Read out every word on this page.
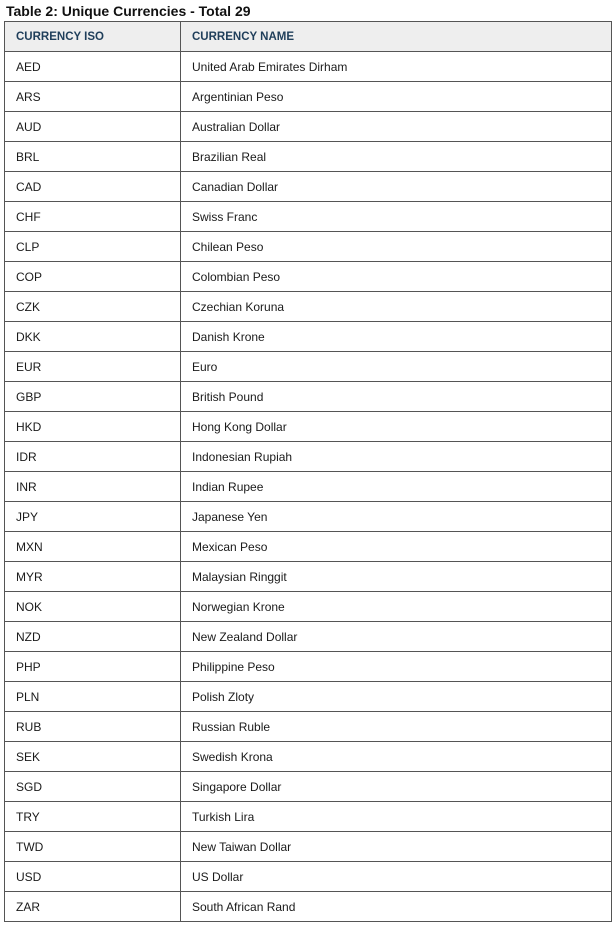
Table 2: Unique Currencies - Total 29
CURRENCY ISO	CURRENCY NAME
AED	United Arab Emirates Dirham
ARS	Argentinian Peso
AUD	Australian Dollar
BRL	Brazilian Real
CAD	Canadian Dollar
CHF	Swiss Franc
CLP	Chilean Peso
COP	Colombian Peso
CZK	Czechian Koruna
DKK	Danish Krone
EUR	Euro
GBP	British Pound
HKD	Hong Kong Dollar
IDR	Indonesian Rupiah
INR	Indian Rupee
JPY	Japanese Yen
MXN	Mexican Peso
MYR	Malaysian Ringgit
NOK	Norwegian Krone
NZD	New Zealand Dollar
PHP	Philippine Peso
PLN	Polish Zloty
RUB	Russian Ruble
SEK	Swedish Krona
SGD	Singapore Dollar
TRY	Turkish Lira
TWD	New Taiwan Dollar
USD	US Dollar
ZAR	South African Rand
